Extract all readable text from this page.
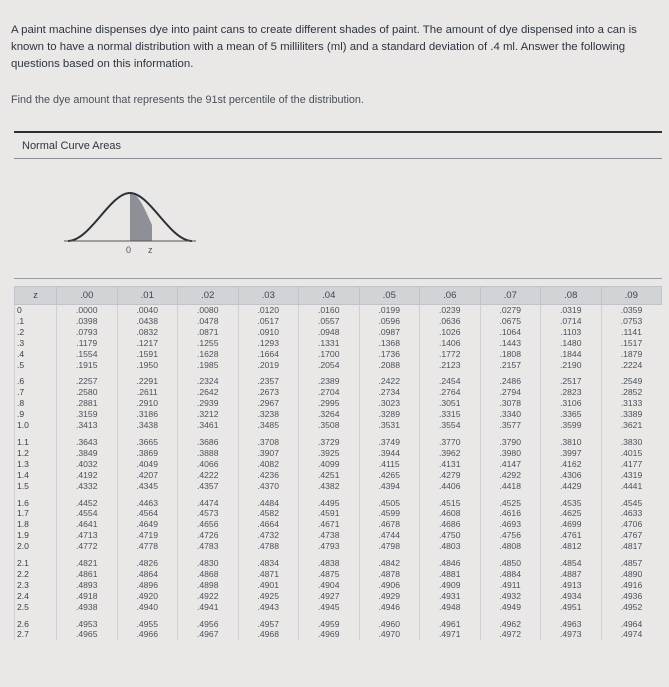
A paint machine dispenses dye into paint cans to create different shades of paint. The amount of dye dispensed into a can is known to have a normal distribution with a mean of 5 milliliters (ml) and a standard deviation of .4 ml. Answer the following questions based on this information.
Find the dye amount that represents the 91st percentile of the distribution.
Normal Curve Areas
0 z
z	.00	.01	.02	.03	.04	.05	.06	.07	.08	.09
0	.0000	.0040	.0080	.0120	.0160	.0199	.0239	.0279	.0319	.0359
.1	.0398	.0438	.0478	.0517	.0557	.0596	.0636	.0675	.0714	.0753
.2	.0793	.0832	.0871	.0910	.0948	.0987	.1026	.1064	.1103	.1141
.3	.1179	.1217	.1255	.1293	.1331	.1368	.1406	.1443	.1480	.1517
.4	.1554	.1591	.1628	.1664	.1700	.1736	.1772	.1808	.1844	.1879
.5	.1915	.1950	.1985	.2019	.2054	.2088	.2123	.2157	.2190	.2224

.6	.2257	.2291	.2324	.2357	.2389	.2422	.2454	.2486	.2517	.2549
.7	.2580	.2611	.2642	.2673	.2704	.2734	.2764	.2794	.2823	.2852
.8	.2881	.2910	.2939	.2967	.2995	.3023	.3051	.3078	.3106	.3133
.9	.3159	.3186	.3212	.3238	.3264	.3289	.3315	.3340	.3365	.3389
1.0	.3413	.3438	.3461	.3485	.3508	.3531	.3554	.3577	.3599	.3621

1.1	.3643	.3665	.3686	.3708	.3729	.3749	.3770	.3790	.3810	.3830
1.2	.3849	.3869	.3888	.3907	.3925	.3944	.3962	.3980	.3997	.4015
1.3	.4032	.4049	.4066	.4082	.4099	.4115	.4131	.4147	.4162	.4177
1.4	.4192	.4207	.4222	.4236	.4251	.4265	.4279	.4292	.4306	.4319
1.5	.4332	.4345	.4357	.4370	.4382	.4394	.4406	.4418	.4429	.4441

1.6	.4452	.4463	.4474	.4484	.4495	.4505	.4515	.4525	.4535	.4545
1.7	.4554	.4564	.4573	.4582	.4591	.4599	.4608	.4616	.4625	.4633
1.8	.4641	.4649	.4656	.4664	.4671	.4678	.4686	.4693	.4699	.4706
1.9	.4713	.4719	.4726	.4732	.4738	.4744	.4750	.4756	.4761	.4767
2.0	.4772	.4778	.4783	.4788	.4793	.4798	.4803	.4808	.4812	.4817

2.1	.4821	.4826	.4830	.4834	.4838	.4842	.4846	.4850	.4854	.4857
2.2	.4861	.4864	.4868	.4871	.4875	.4878	.4881	.4884	.4887	.4890
2.3	.4893	.4896	.4898	.4901	.4904	.4906	.4909	.4911	.4913	.4916
2.4	.4918	.4920	.4922	.4925	.4927	.4929	.4931	.4932	.4934	.4936
2.5	.4938	.4940	.4941	.4943	.4945	.4946	.4948	.4949	.4951	.4952

2.6	.4953	.4955	.4956	.4957	.4959	.4960	.4961	.4962	.4963	.4964
2.7	.4965	.4966	.4967	.4968	.4969	.4970	.4971	.4972	.4973	.4974
